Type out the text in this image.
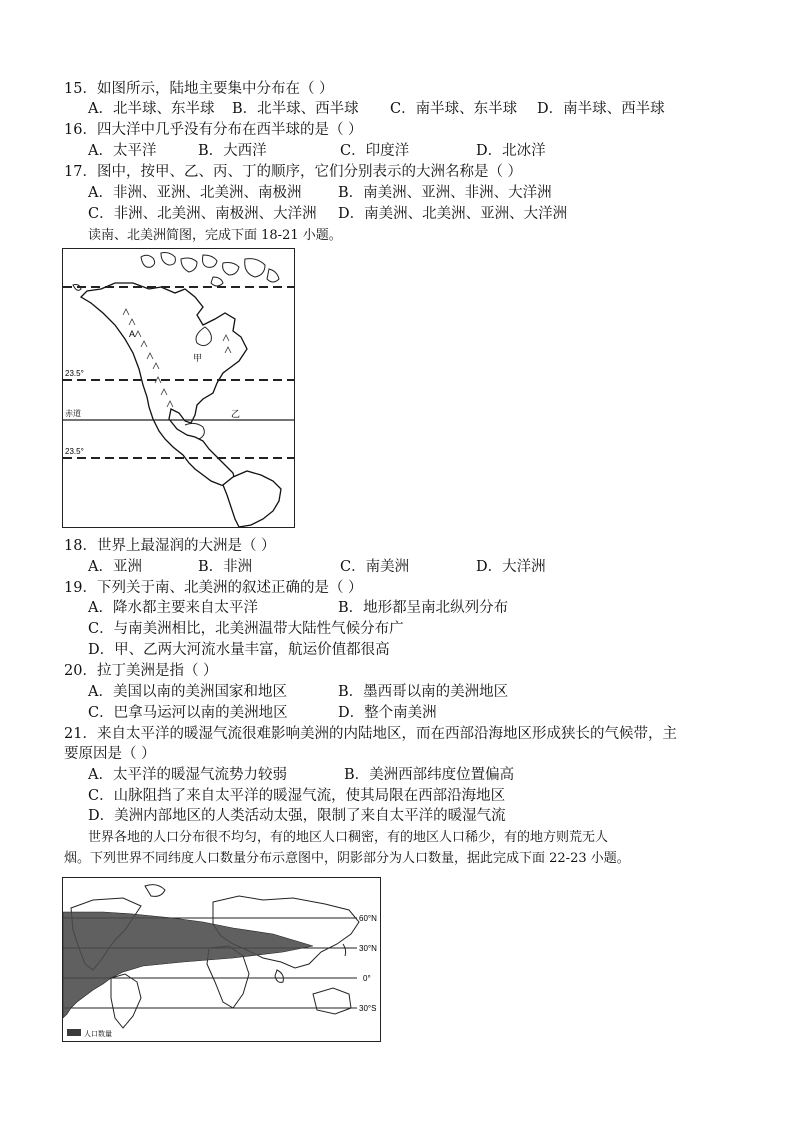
15．如图所示，陆地主要集中分布在（ ）
A．北半球、东半球 B．北半球、西半球 C．南半球、东半球 D．南半球、西半球
16．四大洋中几乎没有分布在西半球的是（ ）
A．太平洋	B．大西洋	C．印度洋	D．北冰洋
17．图中，按甲、乙、丙、丁的顺序，它们分别表示的大洲名称是（ ）
A．非洲、亚洲、北美洲、南极洲	B．南美洲、亚洲、非洲、大洋洲
C．非洲、北美洲、南极洲、大洋洲 D．南美洲、北美洲、亚洲、大洋洲
读南、北美洲简图，完成下面 18-21 小题。
23.5°
赤道
23.5°
A
甲
乙
18．世界上最湿润的大洲是（ ）
A．亚洲	B．非洲	C．南美洲	D．大洋洲
19．下列关于南、北美洲的叙述正确的是（ ）
A．降水都主要来自太平洋	B．地形都呈南北纵列分布
C．与南美洲相比，北美洲温带大陆性气候分布广
D．甲、乙两大河流水量丰富，航运价值都很高
20．拉丁美洲是指（ ）
A．美国以南的美洲国家和地区	B．墨西哥以南的美洲地区
C．巴拿马运河以南的美洲地区	D．整个南美洲
21．来自太平洋的暖湿气流很难影响美洲的内陆地区，而在西部沿海地区形成狭长的气候带，主
要原因是（ ）
A．太平洋的暖湿气流势力较弱	B．美洲西部纬度位置偏高
C．山脉阻挡了来自太平洋的暖湿气流，使其局限在西部沿海地区
D．美洲内部地区的人类活动太强，限制了来自太平洋的暖湿气流
世界各地的人口分布很不均匀，有的地区人口稠密，有的地区人口稀少，有的地方则荒无人
烟。下列世界不同纬度人口数量分布示意图中，阴影部分为人口数量，据此完成下面 22-23 小题。
60°N
30°N
0°
30°S
人口数量
